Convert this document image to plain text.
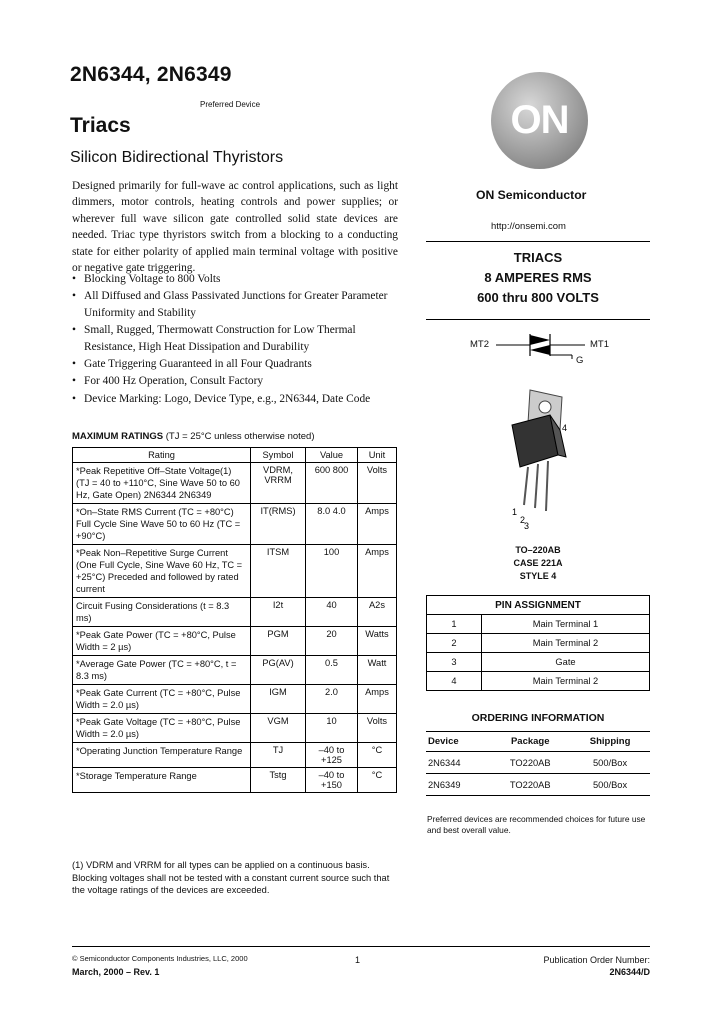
2N6344, 2N6349
Preferred Device
Triacs
Silicon Bidirectional Thyristors

Designed primarily for full-wave ac control applications, such as light dimmers, motor controls, heating controls and power supplies; or wherever full wave silicon gate controlled solid state devices are needed. Triac type thyristors switch from a blocking to a conducting state for either polarity of applied main terminal voltage with positive or negative gate triggering.

• Blocking Voltage to 800 Volts
• All Diffused and Glass Passivated Junctions for Greater Parameter Uniformity and Stability
• Small, Rugged, Thermowatt Construction for Low Thermal Resistance, High Heat Dissipation and Durability
• Gate Triggering Guaranteed in all Four Quadrants
• For 400 Hz Operation, Consult Factory
• Device Marking: Logo, Device Type, e.g., 2N6344, Date Code
MAXIMUM RATINGS (TJ = 25°C unless otherwise noted)
Rating	Symbol	Value	Unit
*Peak Repetitive Off–State Voltage(1) (TJ = 40 to +110°C, Sine Wave 50 to 60 Hz, Gate Open) 2N6344 2N6349	VDRM, VRRM	600 800	Volts
*On–State RMS Current (TC = +80°C) Full Cycle Sine Wave 50 to 60 Hz (TC = +90°C)	IT(RMS)	8.0 4.0	Amps
*Peak Non–Repetitive Surge Current (One Full Cycle, Sine Wave 60 Hz, TC = +25°C) Preceded and followed by rated current	ITSM	100	Amps
Circuit Fusing Considerations (t = 8.3 ms)	I2t	40	A2s
*Peak Gate Power (TC = +80°C, Pulse Width = 2 µs)	PGM	20	Watts
*Average Gate Power (TC = +80°C, t = 8.3 ms)	PG(AV)	0.5	Watt
*Peak Gate Current (TC = +80°C, Pulse Width = 2.0 µs)	IGM	2.0	Amps
*Peak Gate Voltage (TC = +80°C, Pulse Width = 2.0 µs)	VGM	10	Volts
*Operating Junction Temperature Range	TJ	–40 to +125	°C
*Storage Temperature Range	Tstg	–40 to +150	°C
(1) VDRM and VRRM for all types can be applied on a continuous basis. Blocking voltages shall not be tested with a constant current source such that the voltage ratings of the devices are exceeded.
ON
ON Semiconductor
http://onsemi.com
TRIACS
8 AMPERES RMS
600 thru 800 VOLTS
MT2	MT1
G
1
2
3
4
TO–220AB
CASE 221A
STYLE 4
PIN ASSIGNMENT	
1	Main Terminal 1
2	Main Terminal 2
3	Gate
4	Main Terminal 2
ORDERING INFORMATION
Device	Package	Shipping
2N6344	TO220AB	500/Box
2N6349	TO220AB	500/Box
Preferred devices are recommended choices for future use and best overall value.
© Semiconductor Components Industries, LLC, 2000
March, 2000 – Rev. 1
1	Publication Order Number:
2N6344/D
